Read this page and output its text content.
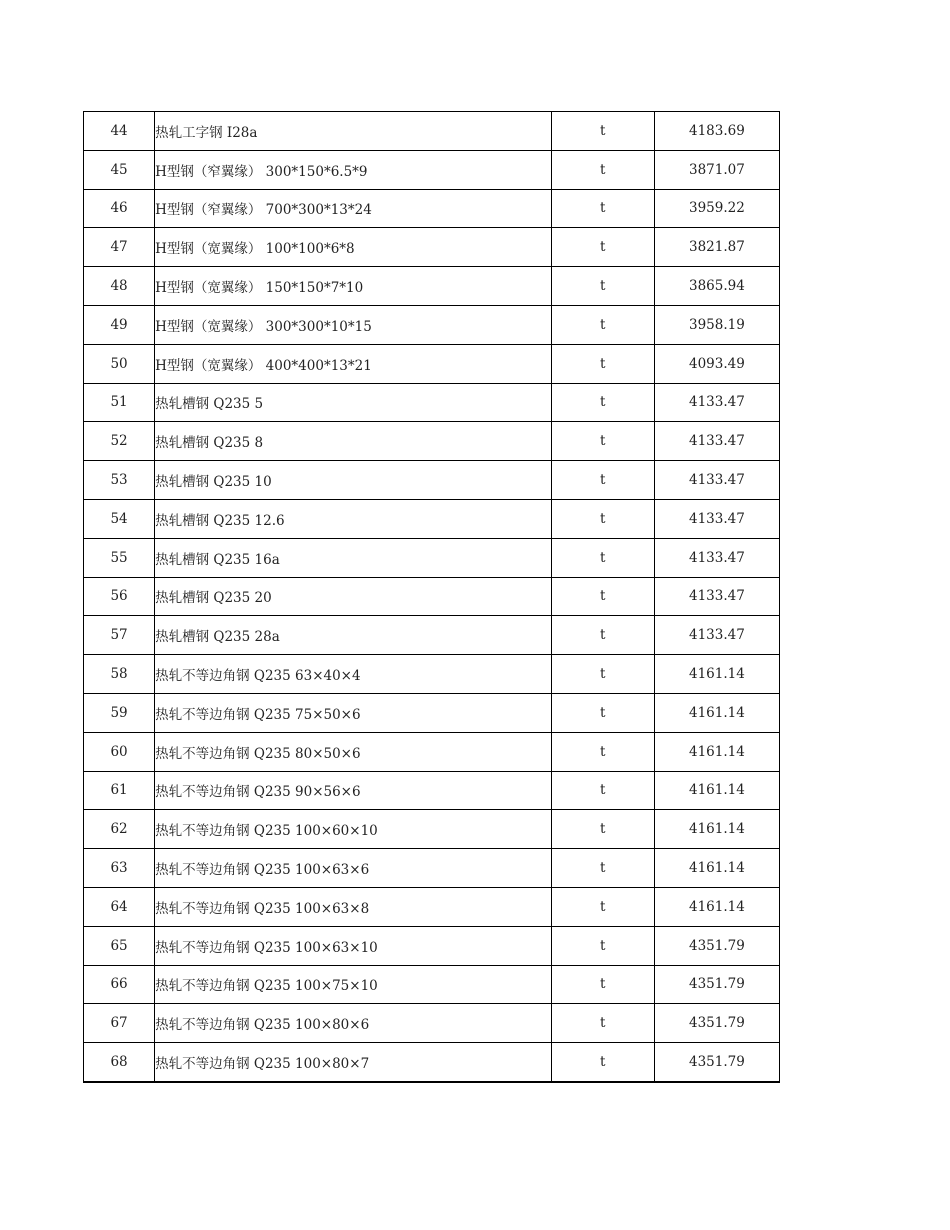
44	热轧工字钢 I28a	t	4183.69
45	H型钢（窄翼缘） 300*150*6.5*9	t	3871.07
46	H型钢（窄翼缘） 700*300*13*24	t	3959.22
47	H型钢（宽翼缘） 100*100*6*8	t	3821.87
48	H型钢（宽翼缘） 150*150*7*10	t	3865.94
49	H型钢（宽翼缘） 300*300*10*15	t	3958.19
50	H型钢（宽翼缘） 400*400*13*21	t	4093.49
51	热轧槽钢 Q235 5	t	4133.47
52	热轧槽钢 Q235 8	t	4133.47
53	热轧槽钢 Q235 10	t	4133.47
54	热轧槽钢 Q235 12.6	t	4133.47
55	热轧槽钢 Q235 16a	t	4133.47
56	热轧槽钢 Q235 20	t	4133.47
57	热轧槽钢 Q235 28a	t	4133.47
58	热轧不等边角钢 Q235 63×40×4	t	4161.14
59	热轧不等边角钢 Q235 75×50×6	t	4161.14
60	热轧不等边角钢 Q235 80×50×6	t	4161.14
61	热轧不等边角钢 Q235 90×56×6	t	4161.14
62	热轧不等边角钢 Q235 100×60×10	t	4161.14
63	热轧不等边角钢 Q235 100×63×6	t	4161.14
64	热轧不等边角钢 Q235 100×63×8	t	4161.14
65	热轧不等边角钢 Q235 100×63×10	t	4351.79
66	热轧不等边角钢 Q235 100×75×10	t	4351.79
67	热轧不等边角钢 Q235 100×80×6	t	4351.79
68	热轧不等边角钢 Q235 100×80×7	t	4351.79
